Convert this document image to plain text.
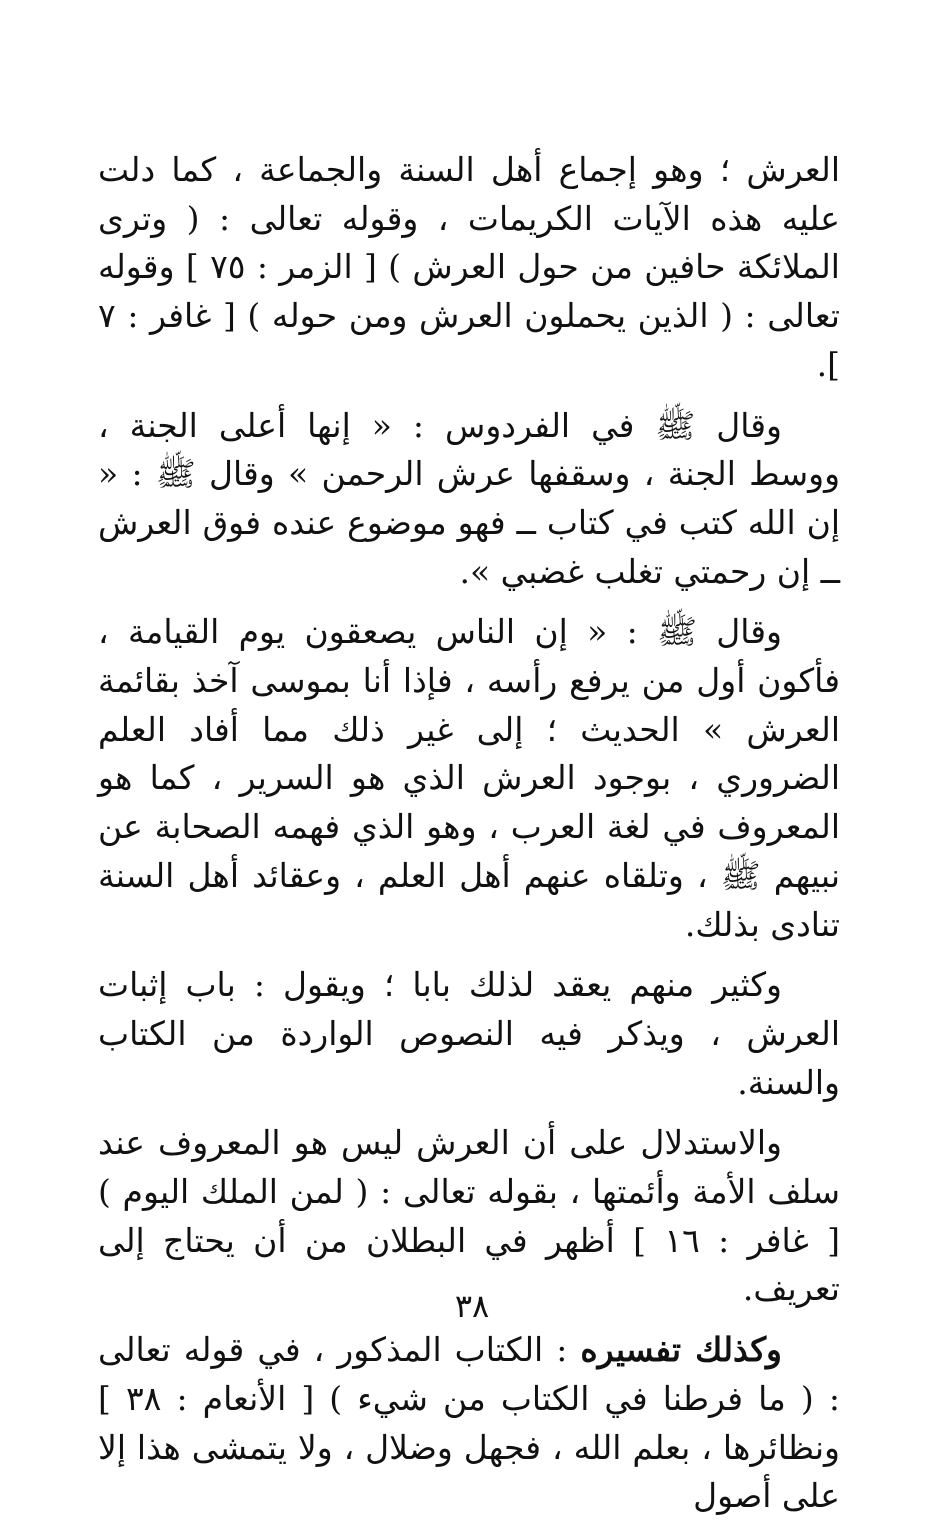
العرش ؛ وهو إجماع أهل السنة والجماعة ، كما دلت عليه هذه الآيات الكريمات ، وقوله تعالى : ( وترى الملائكة حافين من حول العرش ) [ الزمر : ٧٥ ] وقوله تعالى : ( الذين يحملون العرش ومن حوله ) [ غافر : ٧ ].

وقال ﷺ في الفردوس : « إنها أعلى الجنة ، ووسط الجنة ، وسقفها عرش الرحمن » وقال ﷺ : « إن الله كتب في كتاب ــ فهو موضوع عنده فوق العرش ــ إن رحمتي تغلب غضبي ».

وقال ﷺ : « إن الناس يصعقون يوم القيامة ، فأكون أول من يرفع رأسه ، فإذا أنا بموسى آخذ بقائمة العرش » الحديث ؛ إلى غير ذلك مما أفاد العلم الضروري ، بوجود العرش الذي هو السرير ، كما هو المعروف في لغة العرب ، وهو الذي فهمه الصحابة عن نبيهم ﷺ ، وتلقاه عنهم أهل العلم ، وعقائد أهل السنة تنادى بذلك.

وكثير منهم يعقد لذلك بابا ؛ ويقول : باب إثبات العرش ، ويذكر فيه النصوص الواردة من الكتاب والسنة.

والاستدلال على أن العرش ليس هو المعروف عند سلف الأمة وأئمتها ، بقوله تعالى : ( لمن الملك اليوم ) [ غافر : ١٦ ] أظهر في البطلان من أن يحتاج إلى تعريف.

وكذلك تفسيره : الكتاب المذكور ، في قوله تعالى : ( ما فرطنا في الكتاب من شيء ) [ الأنعام : ٣٨ ] ونظائرها ، بعلم الله ، فجهل وضلال ، ولا يتمشى هذا إلا على أصول

٣٨
